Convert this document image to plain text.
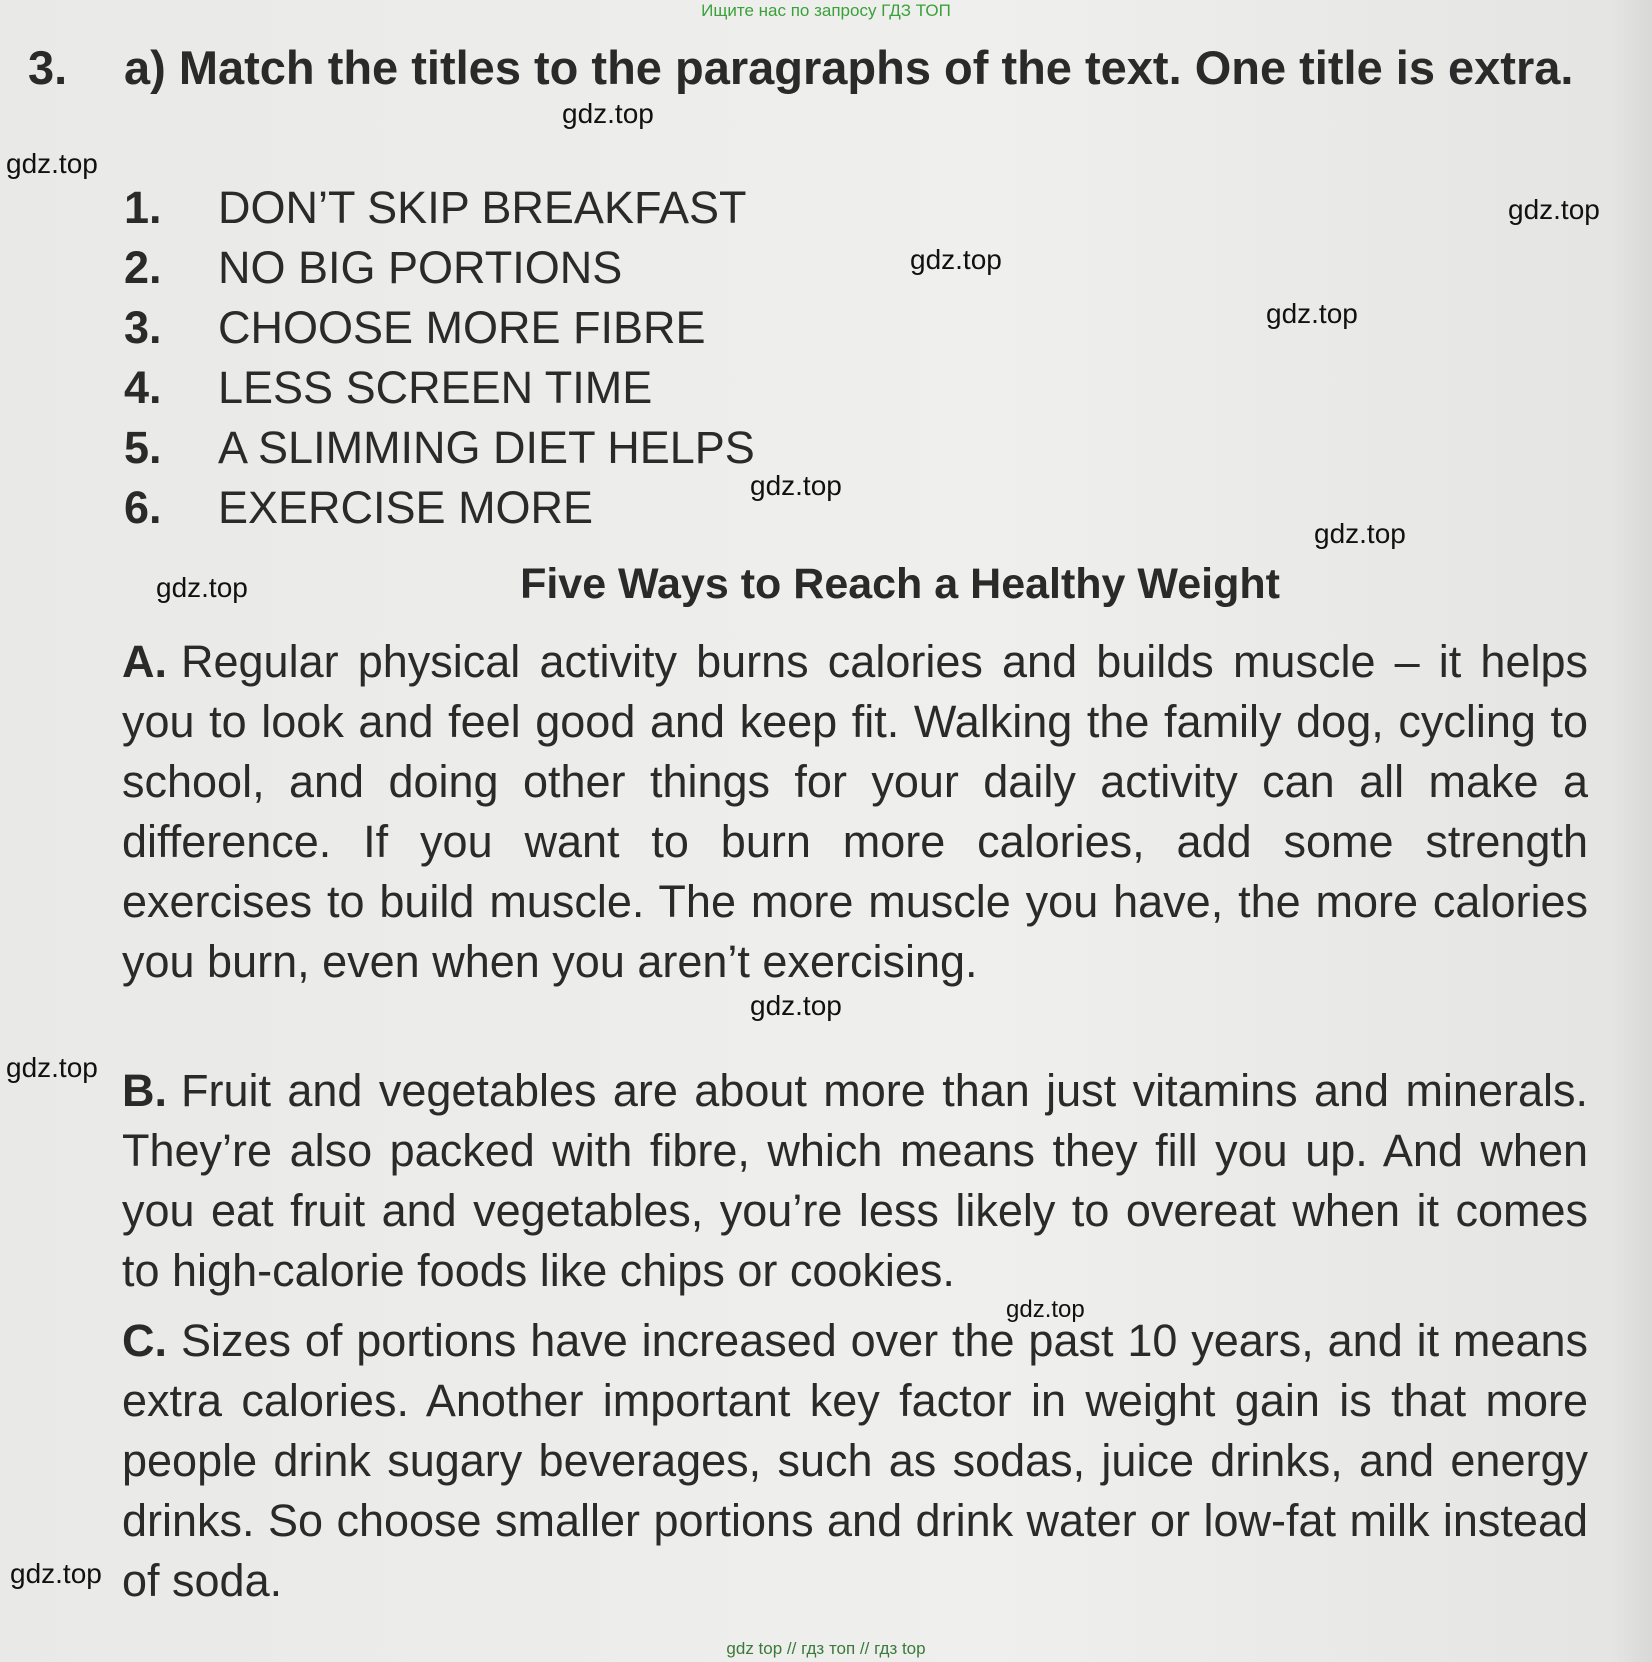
Ищите нас по запросу ГДЗ ТОП
3. a) Match the titles to the paragraphs of the text. One title is extra.
1. DON’T SKIP BREAKFAST
2. NO BIG PORTIONS
3. CHOOSE MORE FIBRE
4. LESS SCREEN TIME
5. A SLIMMING DIET HELPS
6. EXERCISE MORE
Five Ways to Reach a Healthy Weight
A. Regular physical activity burns calories and builds muscle – it helps you to look and feel good and keep fit. Walking the family dog, cycling to school, and doing other things for your daily activity can all make a difference. If you want to burn more calories, add some strength exercises to build muscle. The more muscle you have, the more calories you burn, even when you aren’t exercising.
B. Fruit and vegetables are about more than just vitamins and minerals. They’re also packed with fibre, which means they fill you up. And when you eat fruit and vegetables, you’re less likely to overeat when it comes to high-calorie foods like chips or cookies.
C. Sizes of portions have increased over the past 10 years, and it means extra calories. Another important key factor in weight gain is that more people drink sugary beverages, such as sodas, juice drinks, and energy drinks. So choose smaller portions and drink water or low-fat milk instead of soda.
gdz.top
gdz.top
gdz.top
gdz.top
gdz.top
gdz.top
gdz.top
gdz.top
gdz.top
gdz.top
gdz.top
gdz.top
gdz top // гдз топ // гдз top
